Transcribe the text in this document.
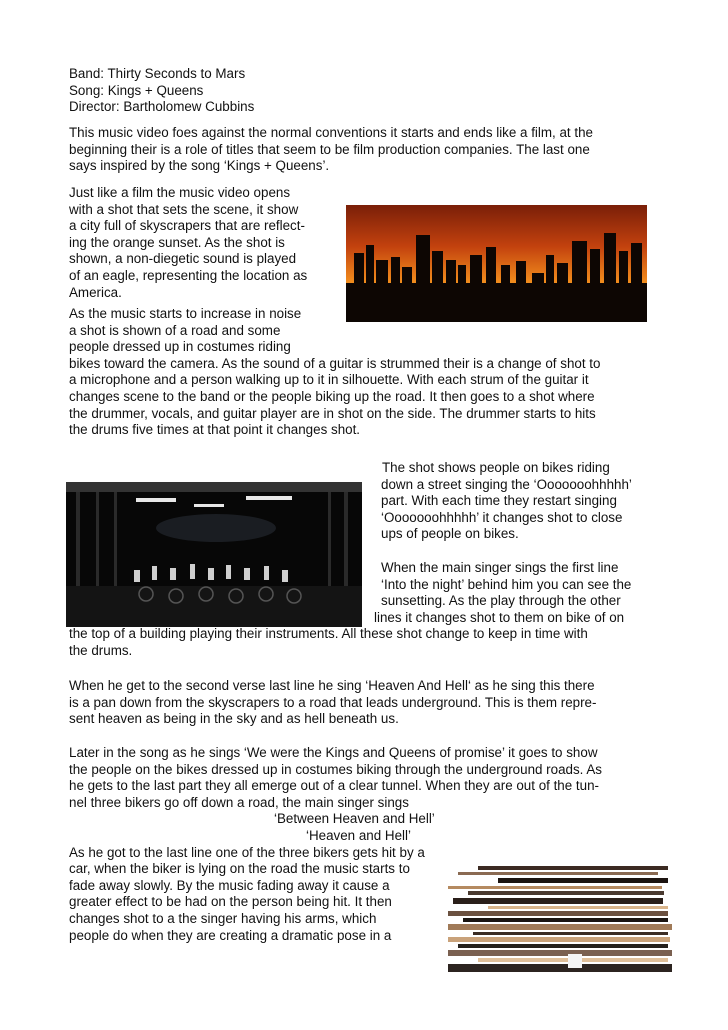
Band: Thirty Seconds to Mars
Song: Kings + Queens
Director: Bartholomew Cubbins
This music video foes against the normal conventions it starts and ends like a film, at the
beginning their is a role of titles that seem to be film production companies. The last one
says inspired by the song ‘Kings + Queens’.
Just like a film the music video opens
with a shot that sets the scene, it show
a city full of skyscrapers that are reflect-
ing the orange sunset. As the shot is
shown, a non-diegetic sound is played
of an eagle, representing the location as
America.
As the music starts to increase in noise
a shot is shown of a road and some
people dressed up in costumes riding
bikes toward the camera. As the sound of a guitar is strummed their is a change of shot to
a microphone and a person walking up to it in silhouette. With each strum of the guitar it
changes scene to the band or the people biking up the road. It then goes to a shot where
the drummer, vocals, and guitar player are in shot on the side. The drummer starts to hits
the drums five times at that point it changes shot.
The shot shows people on bikes riding
down a street singing the ‘Ooooooohhhhh’
part. With each time they restart singing
‘Ooooooohhhhh’ it changes shot to close
ups of people on bikes.
When the main singer sings the first line
‘Into the night’ behind him you can see the
sunsetting. As the play through the other
lines it changes shot to them on bike of on
the top of a building playing their instruments. All these shot change to keep in time with
the drums.
When he get to the second verse last line he sing ‘Heaven And Hell‘ as he sing this there
is a pan down from the skyscrapers to a road that leads underground. This is them repre-
sent heaven as being in the sky and as hell beneath us.
Later in the song as he sings ‘We were the Kings and Queens of promise’ it goes to show
the people on the bikes dressed up in costumes biking through the underground roads. As
he gets to the last part they all emerge out of a clear tunnel. When they are out of the tun-
nel three bikers go off down a road, the main singer sings
‘Between Heaven and Hell’
‘Heaven and Hell’
As he got to the last line one of the three bikers gets hit by a
car, when the biker is lying on the road the music starts to
fade away slowly. By the music fading away it cause a
greater effect to be had on the person being hit. It then
changes shot to a the singer having his arms, which
people do when they are creating a dramatic pose in a
